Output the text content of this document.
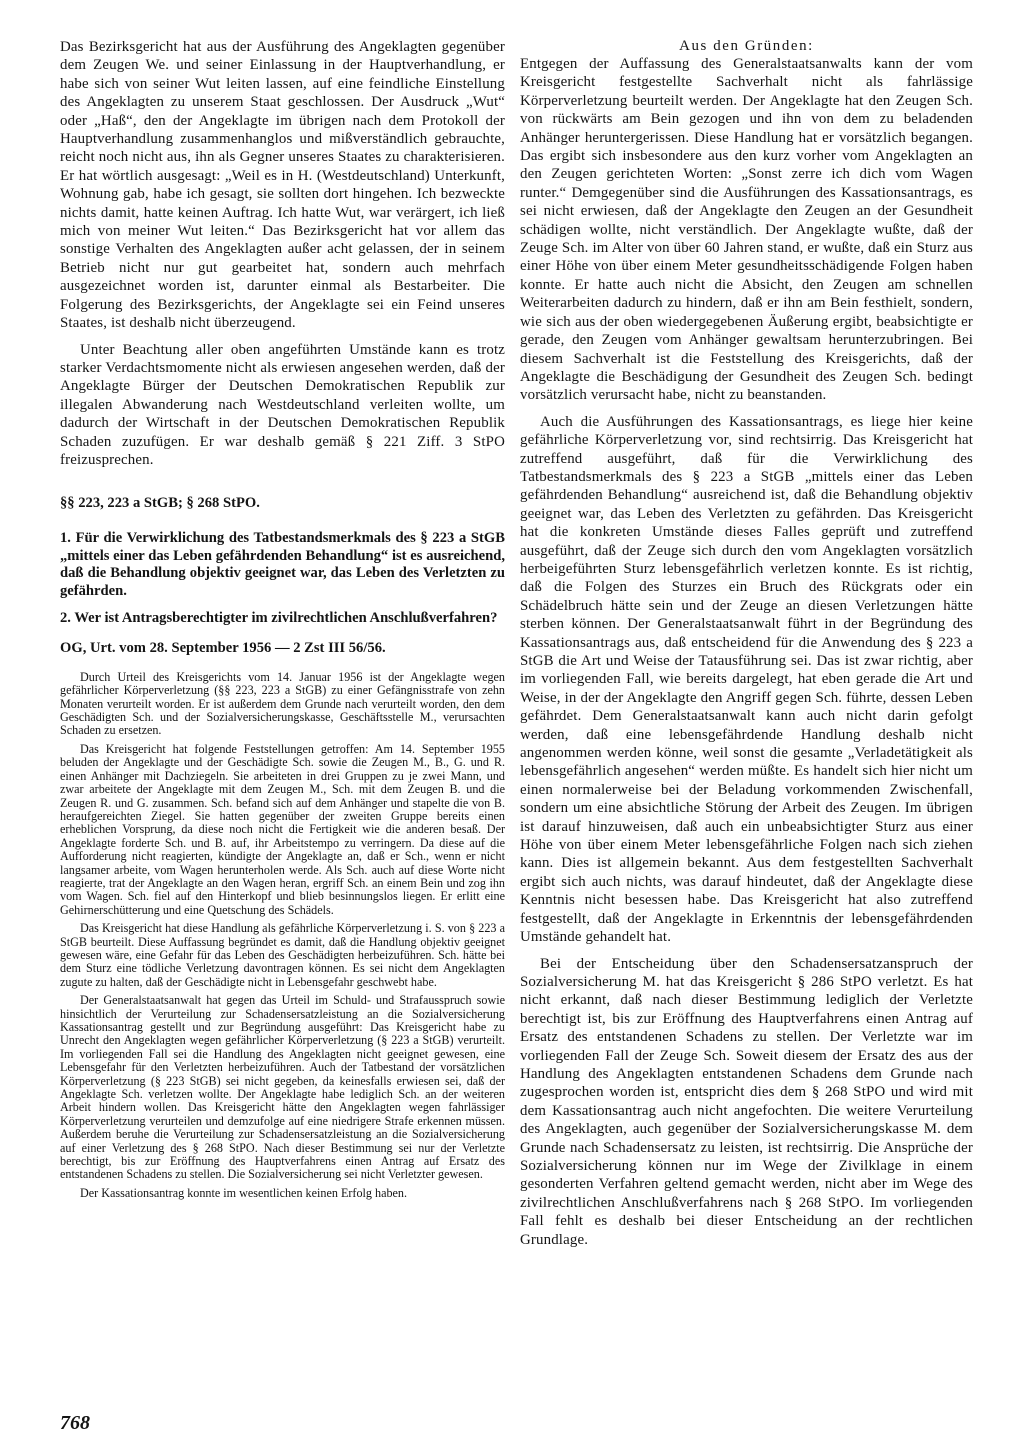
Das Bezirksgericht hat aus der Ausführung des Angeklagten gegenüber dem Zeugen We. und seiner Einlassung in der Hauptverhandlung, er habe sich von seiner Wut leiten lassen, auf eine feindliche Einstellung des Angeklagten zu unserem Staat geschlossen. Der Ausdruck „Wut“ oder „Haß“, den der Angeklagte im übrigen nach dem Protokoll der Hauptverhandlung zusammenhanglos und mißverständlich gebrauchte, reicht noch nicht aus, ihn als Gegner unseres Staates zu charakterisieren. Er hat wörtlich ausgesagt: „Weil es in H. (Westdeutschland) Unterkunft, Wohnung gab, habe ich gesagt, sie sollten dort hingehen. Ich bezweckte nichts damit, hatte keinen Auftrag. Ich hatte Wut, war verärgert, ich ließ mich von meiner Wut leiten.“ Das Bezirksgericht hat vor allem das sonstige Verhalten des Angeklagten außer acht gelassen, der in seinem Betrieb nicht nur gut gearbeitet hat, sondern auch mehrfach ausgezeichnet worden ist, darunter einmal als Bestarbeiter. Die Folgerung des Bezirksgerichts, der Angeklagte sei ein Feind unseres Staates, ist deshalb nicht überzeugend.

Unter Beachtung aller oben angeführten Umstände kann es trotz starker Verdachtsmomente nicht als erwiesen angesehen werden, daß der Angeklagte Bürger der Deutschen Demokratischen Republik zur illegalen Abwanderung nach Westdeutschland verleiten wollte, um dadurch der Wirtschaft in der Deutschen Demokratischen Republik Schaden zuzufügen. Er war deshalb gemäß § 221 Ziff. 3 StPO freizusprechen.

§§ 223, 223 a StGB; § 268 StPO.

1. Für die Verwirklichung des Tatbestandsmerkmals des § 223 a StGB „mittels einer das Leben gefährdenden Behandlung“ ist es ausreichend, daß die Behandlung objektiv geeignet war, das Leben des Verletzten zu gefährden.

2. Wer ist Antragsberechtigter im zivilrechtlichen Anschlußverfahren?

OG, Urt. vom 28. September 1956 — 2 Zst III 56/56.

Durch Urteil des Kreisgerichts vom 14. Januar 1956 ist der Angeklagte wegen gefährlicher Körperverletzung (§§ 223, 223 a StGB) zu einer Gefängnisstrafe von zehn Monaten verurteilt worden. Er ist außerdem dem Grunde nach verurteilt worden, den dem Geschädigten Sch. und der Sozialversicherungskasse, Geschäftsstelle M., verursachten Schaden zu ersetzen.

Das Kreisgericht hat folgende Feststellungen getroffen: Am 14. September 1955 beluden der Angeklagte und der Geschädigte Sch. sowie die Zeugen M., B., G. und R. einen Anhänger mit Dachziegeln. Sie arbeiteten in drei Gruppen zu je zwei Mann, und zwar arbeitete der Angeklagte mit dem Zeugen M., Sch. mit dem Zeugen B. und die Zeugen R. und G. zusammen. Sch. befand sich auf dem Anhänger und stapelte die von B. heraufgereichten Ziegel. Sie hatten gegenüber der zweiten Gruppe bereits einen erheblichen Vorsprung, da diese noch nicht die Fertigkeit wie die anderen besaß. Der Angeklagte forderte Sch. und B. auf, ihr Arbeitstempo zu verringern. Da diese auf die Aufforderung nicht reagierten, kündigte der Angeklagte an, daß er Sch., wenn er nicht langsamer arbeite, vom Wagen herunterholen werde. Als Sch. auch auf diese Worte nicht reagierte, trat der Angeklagte an den Wagen heran, ergriff Sch. an einem Bein und zog ihn vom Wagen. Sch. fiel auf den Hinterkopf und blieb besinnungslos liegen. Er erlitt eine Gehirnerschütterung und eine Quetschung des Schädels.

Das Kreisgericht hat diese Handlung als gefährliche Körperverletzung i. S. von § 223 a StGB beurteilt. Diese Auffassung begründet es damit, daß die Handlung objektiv geeignet gewesen wäre, eine Gefahr für das Leben des Geschädigten herbeizuführen. Sch. hätte bei dem Sturz eine tödliche Verletzung davontragen können. Es sei nicht dem Angeklagten zugute zu halten, daß der Geschädigte nicht in Lebensgefahr geschwebt habe.

Der Generalstaatsanwalt hat gegen das Urteil im Schuld- und Strafausspruch sowie hinsichtlich der Verurteilung zur Schadensersatzleistung an die Sozialversicherung Kassationsantrag gestellt und zur Begründung ausgeführt: Das Kreisgericht habe zu Unrecht den Angeklagten wegen gefährlicher Körperverletzung (§ 223 a StGB) verurteilt. Im vorliegenden Fall sei die Handlung des Angeklagten nicht geeignet gewesen, eine Lebensgefahr für den Verletzten herbeizuführen. Auch der Tatbestand der vorsätzlichen Körperverletzung (§ 223 StGB) sei nicht gegeben, da keinesfalls erwiesen sei, daß der Angeklagte Sch. verletzen wollte. Der Angeklagte habe lediglich Sch. an der weiteren Arbeit hindern wollen. Das Kreisgericht hätte den Angeklagten wegen fahrlässiger Körperverletzung verurteilen und demzufolge auf eine niedrigere Strafe erkennen müssen. Außerdem beruhe die Verurteilung zur Schadensersatzleistung an die Sozialversicherung auf einer Verletzung des § 268 StPO. Nach dieser Bestimmung sei nur der Verletzte berechtigt, bis zur Eröffnung des Hauptverfahrens einen Antrag auf Ersatz des entstandenen Schadens zu stellen. Die Sozialversicherung sei nicht Verletzter gewesen.

Der Kassationsantrag konnte im wesentlichen keinen Erfolg haben.

Aus den Gründen:

Entgegen der Auffassung des Generalstaatsanwalts kann der vom Kreisgericht festgestellte Sachverhalt nicht als fahrlässige Körperverletzung beurteilt werden. Der Angeklagte hat den Zeugen Sch. von rückwärts am Bein gezogen und ihn von dem zu beladenden Anhänger heruntergerissen. Diese Handlung hat er vorsätzlich begangen. Das ergibt sich insbesondere aus den kurz vorher vom Angeklagten an den Zeugen gerichteten Worten: „Sonst zerre ich dich vom Wagen runter.“ Demgegenüber sind die Ausführungen des Kassationsantrags, es sei nicht erwiesen, daß der Angeklagte den Zeugen an der Gesundheit schädigen wollte, nicht verständlich. Der Angeklagte wußte, daß der Zeuge Sch. im Alter von über 60 Jahren stand, er wußte, daß ein Sturz aus einer Höhe von über einem Meter gesundheitsschädigende Folgen haben konnte. Er hatte auch nicht die Absicht, den Zeugen am schnellen Weiterarbeiten dadurch zu hindern, daß er ihn am Bein festhielt, sondern, wie sich aus der oben wiedergegebenen Äußerung ergibt, beabsichtigte er gerade, den Zeugen vom Anhänger gewaltsam herunterzubringen. Bei diesem Sachverhalt ist die Feststellung des Kreisgerichts, daß der Angeklagte die Beschädigung der Gesundheit des Zeugen Sch. bedingt vorsätzlich verursacht habe, nicht zu beanstanden.

Auch die Ausführungen des Kassationsantrags, es liege hier keine gefährliche Körperverletzung vor, sind rechtsirrig. Das Kreisgericht hat zutreffend ausgeführt, daß für die Verwirklichung des Tatbestandsmerkmals des § 223 a StGB „mittels einer das Leben gefährdenden Behandlung“ ausreichend ist, daß die Behandlung objektiv geeignet war, das Leben des Verletzten zu gefährden. Das Kreisgericht hat die konkreten Umstände dieses Falles geprüft und zutreffend ausgeführt, daß der Zeuge sich durch den vom Angeklagten vorsätzlich herbeigeführten Sturz lebensgefährlich verletzen konnte. Es ist richtig, daß die Folgen des Sturzes ein Bruch des Rückgrats oder ein Schädelbruch hätte sein und der Zeuge an diesen Verletzungen hätte sterben können. Der Generalstaatsanwalt führt in der Begründung des Kassationsantrags aus, daß entscheidend für die Anwendung des § 223 a StGB die Art und Weise der Tatausführung sei. Das ist zwar richtig, aber im vorliegenden Fall, wie bereits dargelegt, hat eben gerade die Art und Weise, in der der Angeklagte den Angriff gegen Sch. führte, dessen Leben gefährdet. Dem Generalstaatsanwalt kann auch nicht darin gefolgt werden, daß eine lebensgefährdende Handlung deshalb nicht angenommen werden könne, weil sonst die gesamte „Verladetätigkeit als lebensgefährlich angesehen“ werden müßte. Es handelt sich hier nicht um einen normalerweise bei der Beladung vorkommenden Zwischenfall, sondern um eine absichtliche Störung der Arbeit des Zeugen. Im übrigen ist darauf hinzuweisen, daß auch ein unbeabsichtigter Sturz aus einer Höhe von über einem Meter lebensgefährliche Folgen nach sich ziehen kann. Dies ist allgemein bekannt. Aus dem festgestellten Sachverhalt ergibt sich auch nichts, was darauf hindeutet, daß der Angeklagte diese Kenntnis nicht besessen habe. Das Kreisgericht hat also zutreffend festgestellt, daß der Angeklagte in Erkenntnis der lebensgefährdenden Umstände gehandelt hat.

Bei der Entscheidung über den Schadensersatzanspruch der Sozialversicherung M. hat das Kreisgericht § 286 StPO verletzt. Es hat nicht erkannt, daß nach dieser Bestimmung lediglich der Verletzte berechtigt ist, bis zur Eröffnung des Hauptverfahrens einen Antrag auf Ersatz des entstandenen Schadens zu stellen. Der Verletzte war im vorliegenden Fall der Zeuge Sch. Soweit diesem der Ersatz des aus der Handlung des Angeklagten entstandenen Schadens dem Grunde nach zugesprochen worden ist, entspricht dies dem § 268 StPO und wird mit dem Kassationsantrag auch nicht angefochten. Die weitere Verurteilung des Angeklagten, auch gegenüber der Sozialversicherungskasse M. dem Grunde nach Schadensersatz zu leisten, ist rechtsirrig. Die Ansprüche der Sozialversicherung können nur im Wege der Zivilklage in einem gesonderten Verfahren geltend gemacht werden, nicht aber im Wege des zivilrechtlichen Anschlußverfahrens nach § 268 StPO. Im vorliegenden Fall fehlt es deshalb bei dieser Entscheidung an der rechtlichen Grundlage.

768
